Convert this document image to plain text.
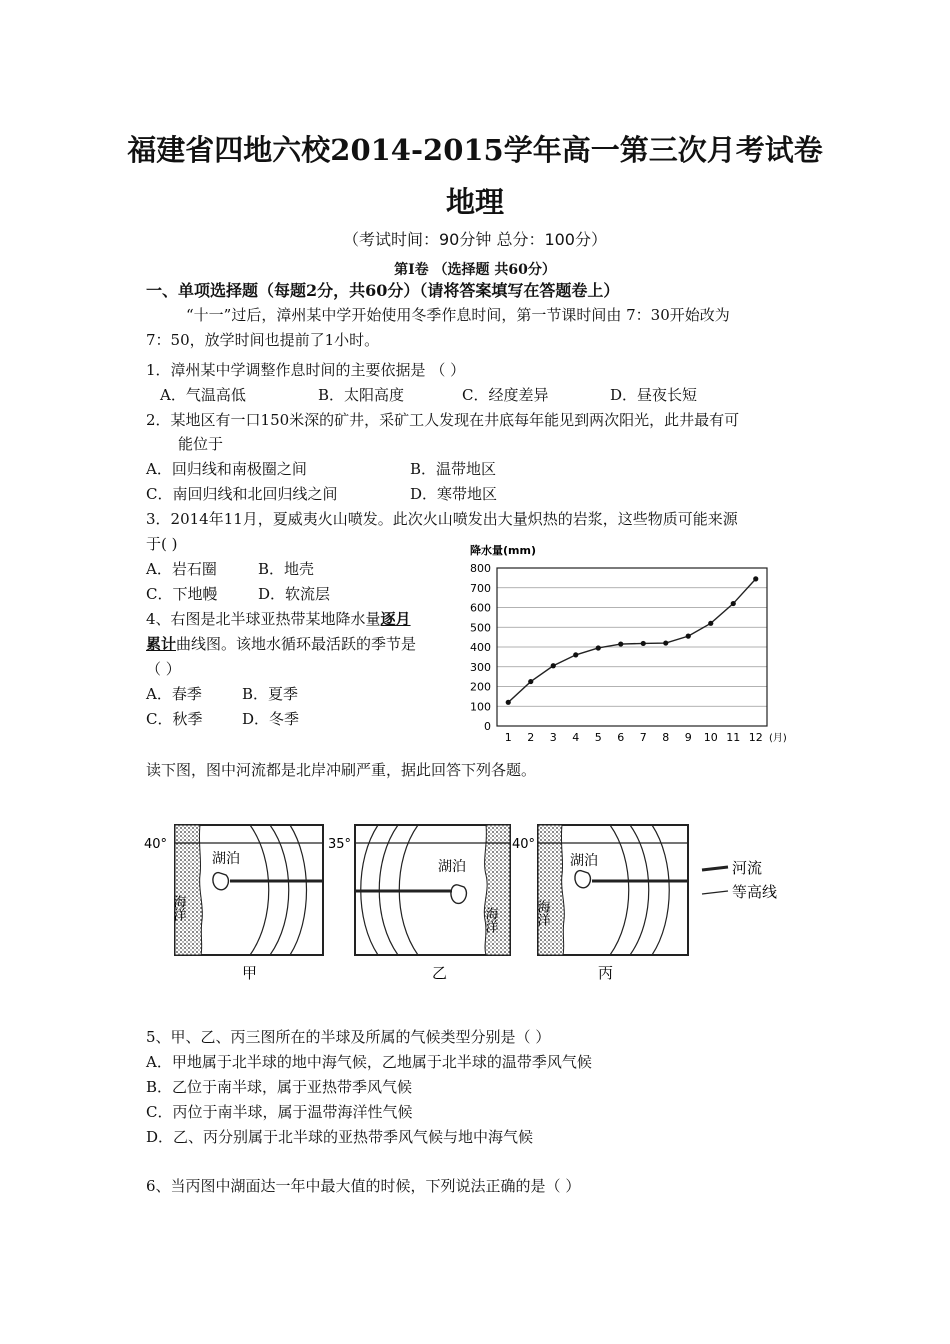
福建省四地六校2014-2015学年高一第三次月考试卷
地理
（考试时间：90分钟 总分：100分）
第Ⅰ卷 （选择题 共60分）
一、单项选择题（每题2分，共60分）（请将答案填写在答题卷上）
“十一”过后，漳州某中学开始使用冬季作息时间，第一节课时间由 7：30开始改为
7：50，放学时间也提前了1小时。
1．漳州某中学调整作息时间的主要依据是 （ ）
A．气温高低	B．太阳高度	C．经度差异	D．昼夜长短
2．某地区有一口150米深的矿井，采矿工人发现在井底每年能见到两次阳光，此井最有可
能位于
A．回归线和南极圈之间	B．温带地区
C．南回归线和北回归线之间	D．寒带地区
3．2014年11月，夏威夷火山喷发。此次火山喷发出大量炽热的岩浆，这些物质可能来源
于( )
A．岩石圈	B．地壳
C．下地幔	D．软流层
4、右图是北半球亚热带某地降水量逐月
累计曲线图。该地水循环最活跃的季节是
（ ）
A．春季	B．夏季
C．秋季	D．冬季
降水量(mm)
0
100
200
300
400
500
600
700
800
1 2 3 4 5 6 7 8 9 10 11 12 (月)
读下图，图中河流都是北岸冲刷严重，据此回答下列各题。
40°
湖泊
海洋
甲
35°
湖泊
海洋
乙
40°
湖泊
海洋
丙
河流
等高线
5、甲、乙、丙三图所在的半球及所属的气候类型分别是（ ）
A．甲地属于北半球的地中海气候，乙地属于北半球的温带季风气候
B．乙位于南半球，属于亚热带季风气候
C．丙位于南半球，属于温带海洋性气候
D．乙、丙分别属于北半球的亚热带季风气候与地中海气候
6、当丙图中湖面达一年中最大值的时候，下列说法正确的是（ ）
